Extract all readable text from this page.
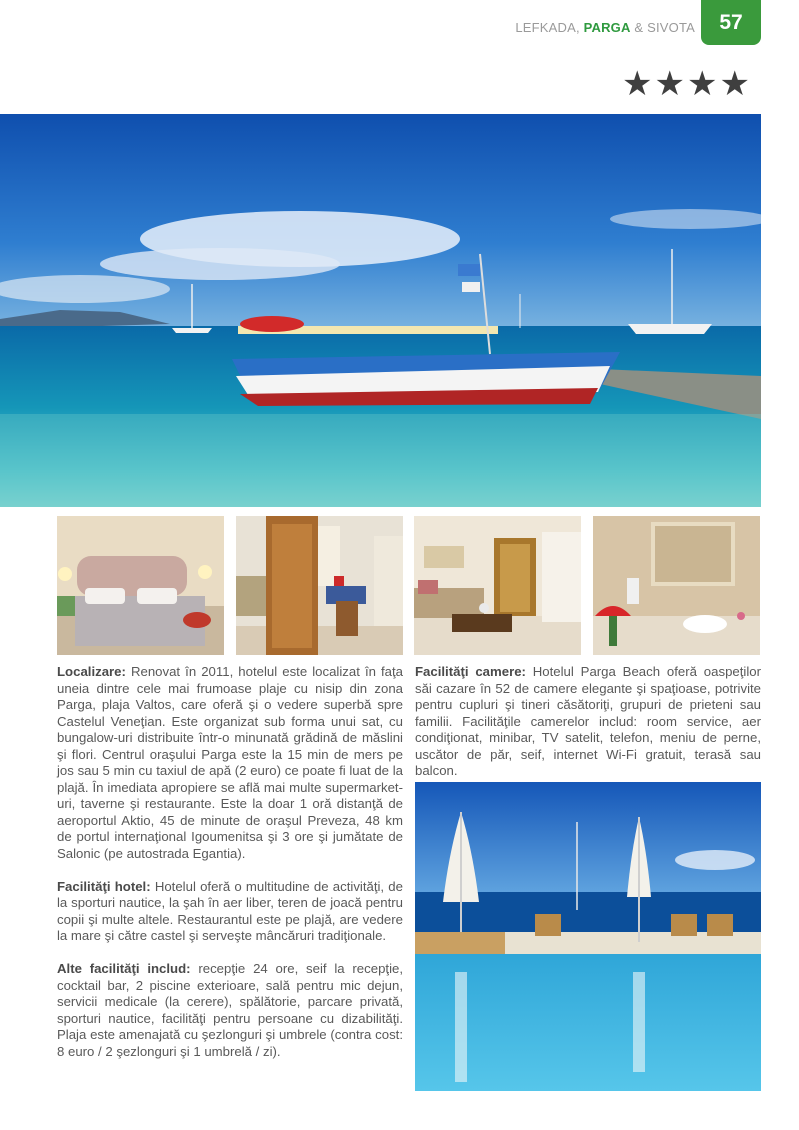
LEFKADA, PARGA & SIVOTA 57
★★★★

Localizare: Renovat în 2011, hotelul este localizat în faţa uneia dintre cele mai frumoase plaje cu nisip din zona Parga, plaja Valtos, care oferă şi o vedere superbă spre Castelul Veneţian. Este organizat sub forma unui sat, cu bungalow-uri distribuite într-o minunată grădină de măslini şi flori. Centrul oraşului Parga este la 15 min de mers pe jos sau 5 min cu taxiul de apă (2 euro) ce poate fi luat de la plajă. În imediata apropiere se află mai multe supermarket-uri, taverne şi restaurante. Este la doar 1 oră distanţă de aeroportul Aktio, 45 de minute de oraşul Preveza, 48 km de portul internaţional Igoumenitsa şi 3 ore şi jumătate de Salonic (pe autostrada Egantia).

Facilităţi hotel: Hotelul oferă o multitudine de activităţi, de la sporturi nautice, la şah în aer liber, teren de joacă pentru copii şi multe altele. Restaurantul este pe plajă, are vedere la mare şi către castel şi serveşte mâncăruri tradiţionale.

Alte facilităţi includ: recepţie 24 ore, seif la recepţie, cocktail bar, 2 piscine exterioare, sală pentru mic dejun, servicii medicale (la cerere), spălătorie, parcare privată, sporturi nautice, facilităţi pentru persoane cu dizabilităţi. Plaja este amenajată cu şezlonguri şi umbrele (contra cost: 8 euro / 2 şezlonguri şi 1 umbrelă / zi).

Facilităţi camere: Hotelul Parga Beach oferă oaspeţilor săi cazare în 52 de camere elegante şi spaţioase, potrivite pentru cupluri şi tineri căsătoriţi, grupuri de prieteni sau familii. Facilităţile camerelor includ: room service, aer condiţionat, minibar, TV satelit, telefon, meniu de perne, uscător de păr, seif, internet Wi-Fi gratuit, terasă sau balcon.
